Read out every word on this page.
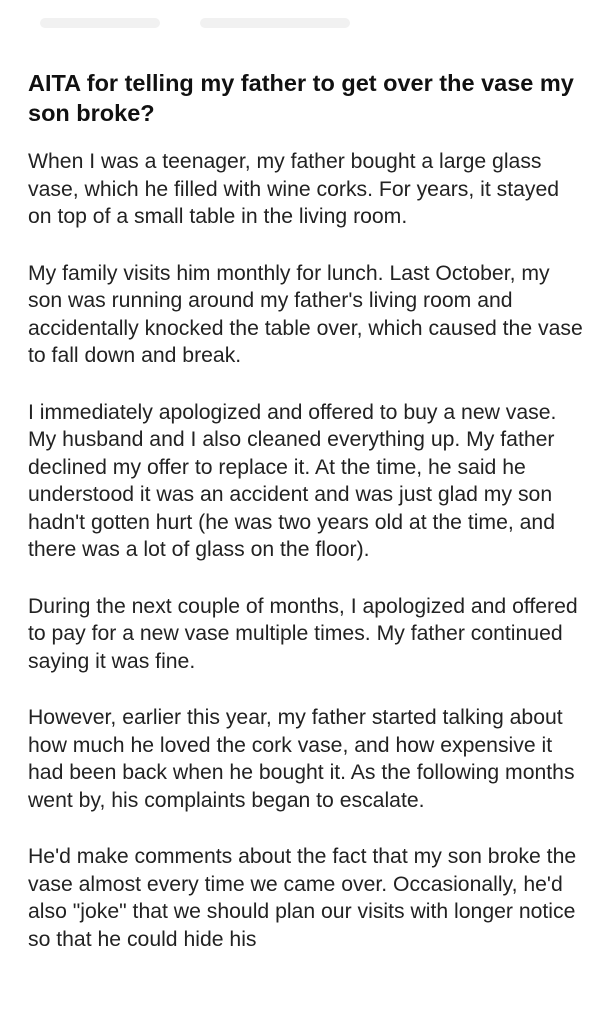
AITA for telling my father to get over the vase my son broke?

When I was a teenager, my father bought a large glass vase, which he filled with wine corks. For years, it stayed on top of a small table in the living room.

My family visits him monthly for lunch. Last October, my son was running around my father's living room and accidentally knocked the table over, which caused the vase to fall down and break.

I immediately apologized and offered to buy a new vase. My husband and I also cleaned everything up. My father declined my offer to replace it. At the time, he said he understood it was an accident and was just glad my son hadn't gotten hurt (he was two years old at the time, and there was a lot of glass on the floor).

During the next couple of months, I apologized and offered to pay for a new vase multiple times. My father continued saying it was fine.

However, earlier this year, my father started talking about how much he loved the cork vase, and how expensive it had been back when he bought it. As the following months went by, his complaints began to escalate.

He'd make comments about the fact that my son broke the vase almost every time we came over. Occasionally, he'd also "joke" that we should plan our visits with longer notice so that he could hide his
